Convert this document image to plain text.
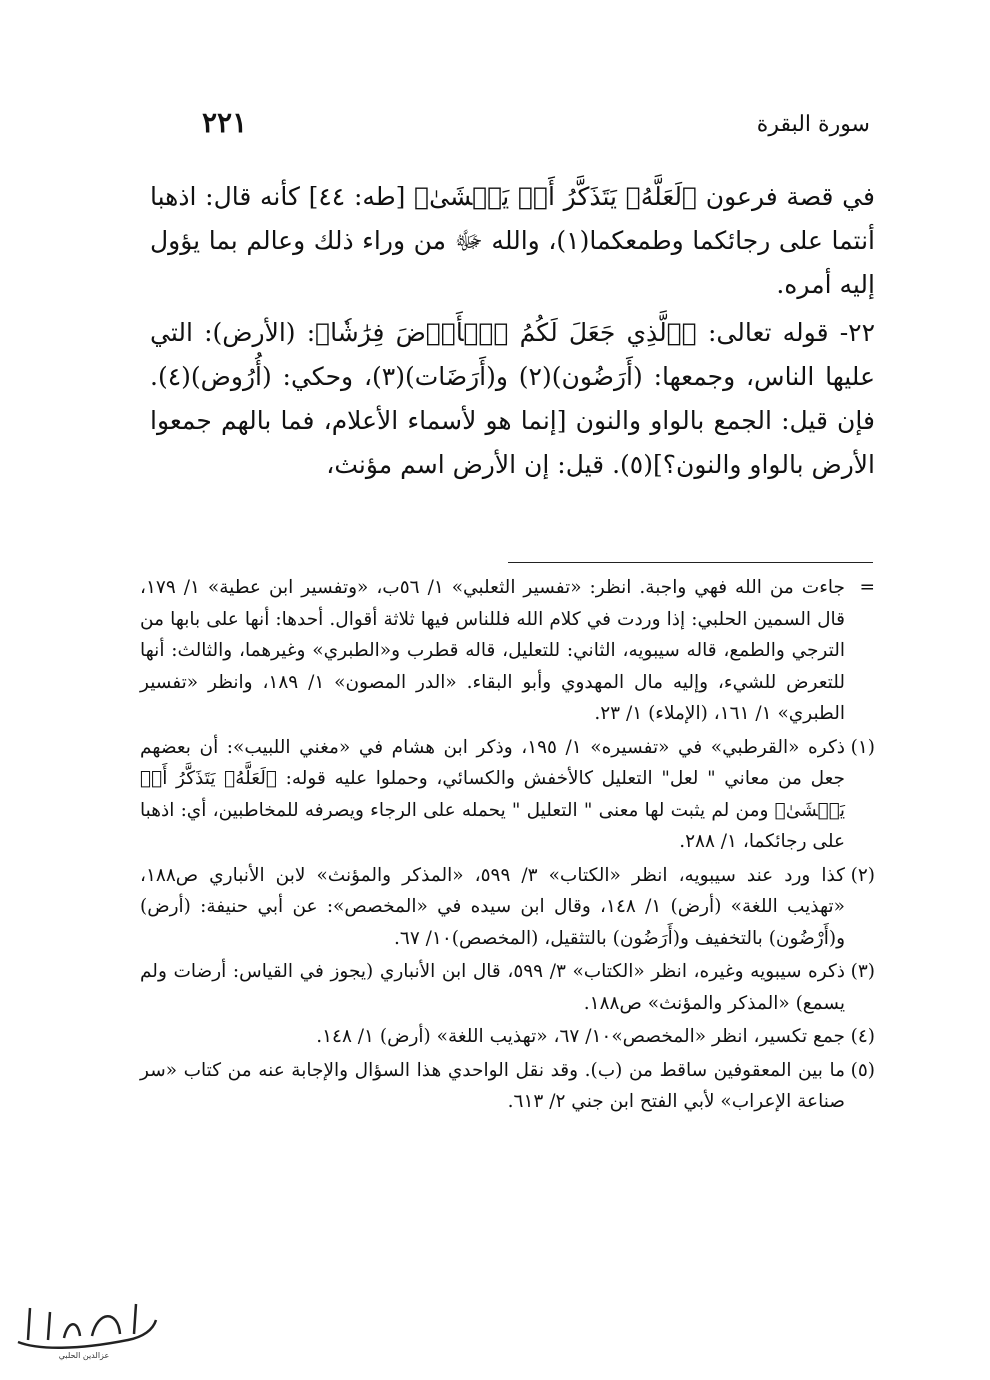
سورة البقرة
٢٢١

في قصة فرعون ﴿لَعَلَّهُۥ يَتَذَكَّرُ أَوۡ يَخۡشَىٰ﴾ [طه: ٤٤] كأنه قال: اذهبا أنتما على رجائكما وطمعكما(١)، والله ﷻ من وراء ذلك وعالم بما يؤول إليه أمره.

٢٢- قوله تعالى: ﴿ٱلَّذِي جَعَلَ لَكُمُ ٱلۡأَرۡضَ فِرَٰشٗا﴾: (الأرض): التي عليها الناس، وجمعها: (أَرَضُون)(٢) و(أَرَضَات)(٣)، وحكي: (أُرُوض)(٤). فإن قيل: الجمع بالواو والنون [إنما هو لأسماء الأعلام، فما بالهم جمعوا الأرض بالواو والنون؟](٥). قيل: إن الأرض اسم مؤنث،

=
جاءت من الله فهي واجبة. انظر: «تفسير الثعلبي» ١/ ٥٦ب، «وتفسير ابن عطية» ١/ ١٧٩، قال السمين الحلبي: إذا وردت في كلام الله فللناس فيها ثلاثة أقوال. أحدها: أنها على بابها من الترجي والطمع، قاله سيبويه، الثاني: للتعليل، قاله قطرب و«الطبري» وغيرهما، والثالث: أنها للتعرض للشيء، وإليه مال المهدوي وأبو البقاء. «الدر المصون» ١/ ١٨٩، وانظر «تفسير الطبري» ١/ ١٦١، (الإملاء) ١/ ٢٣.
(١)
ذكره «القرطبي» في «تفسيره» ١/ ١٩٥، وذكر ابن هشام في «مغني اللبيب»: أن بعضهم جعل من معاني " لعل" التعليل كالأخفش والكسائي، وحملوا عليه قوله: ﴿لَعَلَّهُۥ يَتَذَكَّرُ أَوۡ يَخۡشَىٰ﴾ ومن لم يثبت لها معنى " التعليل " يحمله على الرجاء ويصرفه للمخاطبين، أي: اذهبا على رجائكما، ١/ ٢٨٨.
(٢)
كذا ورد عند سيبويه، انظر «الكتاب» ٣/ ٥٩٩، «المذكر والمؤنث» لابن الأنباري ص١٨٨، «تهذيب اللغة» (أرض) ١/ ١٤٨، وقال ابن سيده في «المخصص»: عن أبي حنيفة: (أرض) و(أَرْضُون) بالتخفيف و(أَرَضُون) بالتثقيل، (المخصص)١٠/ ٦٧.
(٣)
ذكره سيبويه وغيره، انظر «الكتاب» ٣/ ٥٩٩، قال ابن الأنباري (يجوز في القياس: أرضات ولم يسمع) «المذكر والمؤنث» ص١٨٨.
(٤)
جمع تكسير، انظر «المخصص»١٠/ ٦٧، «تهذيب اللغة» (أرض) ١/ ١٤٨.
(٥)
ما بين المعقوفين ساقط من (ب). وقد نقل الواحدي هذا السؤال والإجابة عنه من كتاب «سر صناعة الإعراب» لأبي الفتح ابن جني ٢/ ٦١٣.
عزالدين الحلبي
